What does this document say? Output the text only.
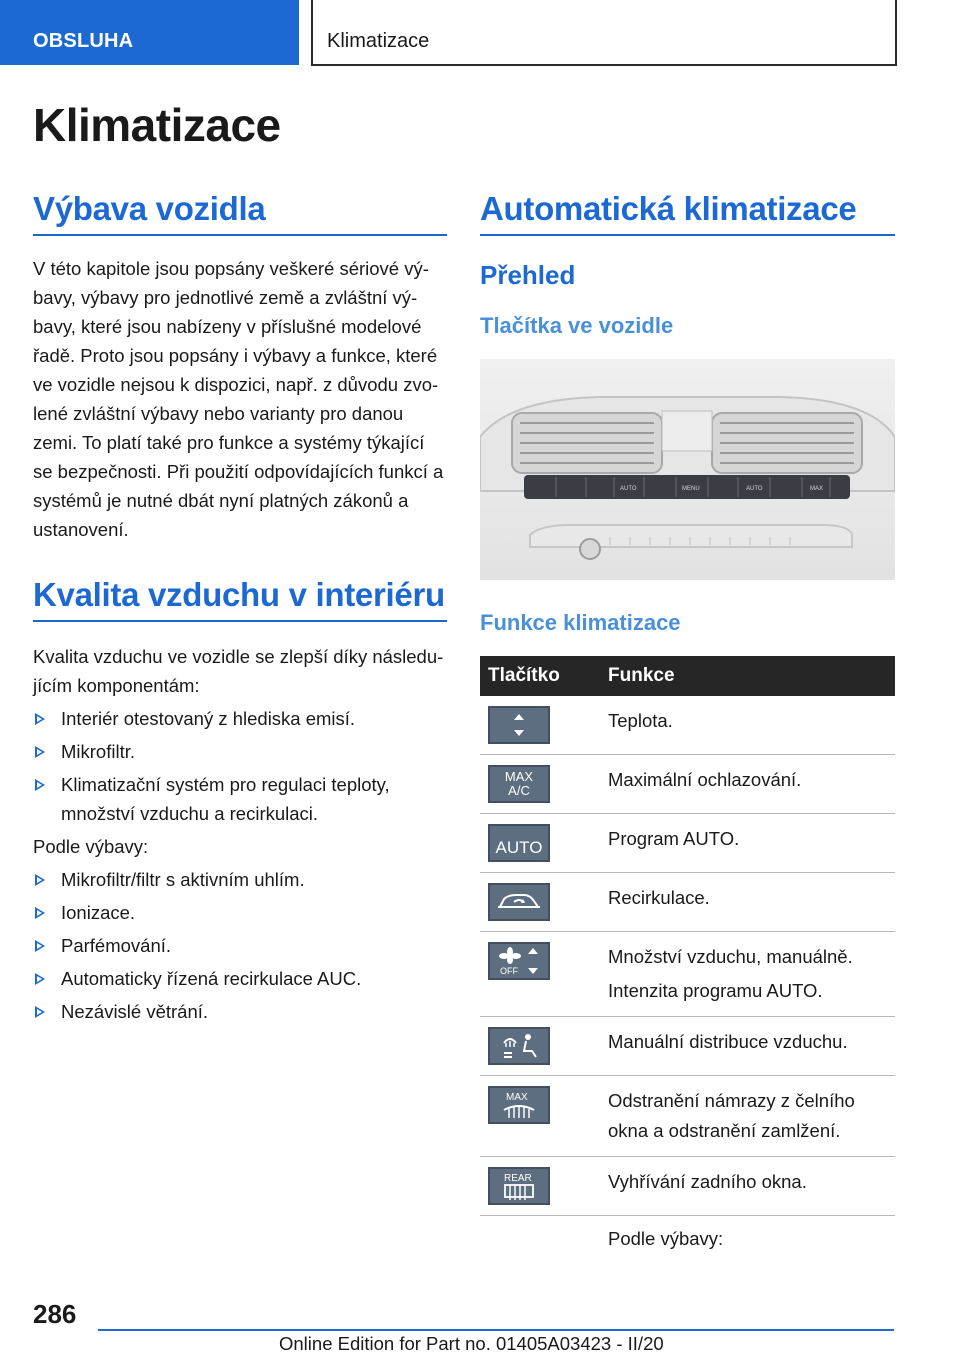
OBSLUHA	Klimatizace
Klimatizace
Výbava vozidla

V této kapitole jsou popsány veškeré sériové vý-
bavy, výbavy pro jednotlivé země a zvláštní vý-
bavy, které jsou nabízeny v příslušné modelové
řadě. Proto jsou popsány i výbavy a funkce, které
ve vozidle nejsou k dispozici, např. z důvodu zvo-
lené zvláštní výbavy nebo varianty pro danou
zemi. To platí také pro funkce a systémy týkající
se bezpečnosti. Při použití odpovídajících funkcí a
systémů je nutné dbát nyní platných zákonů a
ustanovení.

Kvalita vzduchu v interiéru

Kvalita vzduchu ve vozidle se zlepší díky následu-
jícím komponentám:

Interiér otestovaný z hlediska emisí.
Mikrofiltr.
Klimatizační systém pro regulaci teploty,
množství vzduchu a recirkulaci.

Podle výbavy:

Mikrofiltr/filtr s aktivním uhlím.
Ionizace.
Parfémování.
Automaticky řízená recirkulace AUC.
Nezávislé větrání.
Automatická klimatizace
Přehled
Tlačítka ve vozidle
AUTO	MENU	AUTO	MAX
Funkce klimatizace
Tlačítko	Funkce

	Teplota.

MAX
A/C	Maximální ochlazování.

AUTO	Program AUTO.

	Recirkulace.

OFF	Množství vzduchu, manuálně.
Intenzita programu AUTO.

	Manuální distribuce vzduchu.

MAX	Odstranění námrazy z čelního
okna a odstranění zamlžení.

REAR	Vyhřívání zadního okna.
	Podle výbavy:
286
Online Edition for Part no. 01405A03423 - II/20
